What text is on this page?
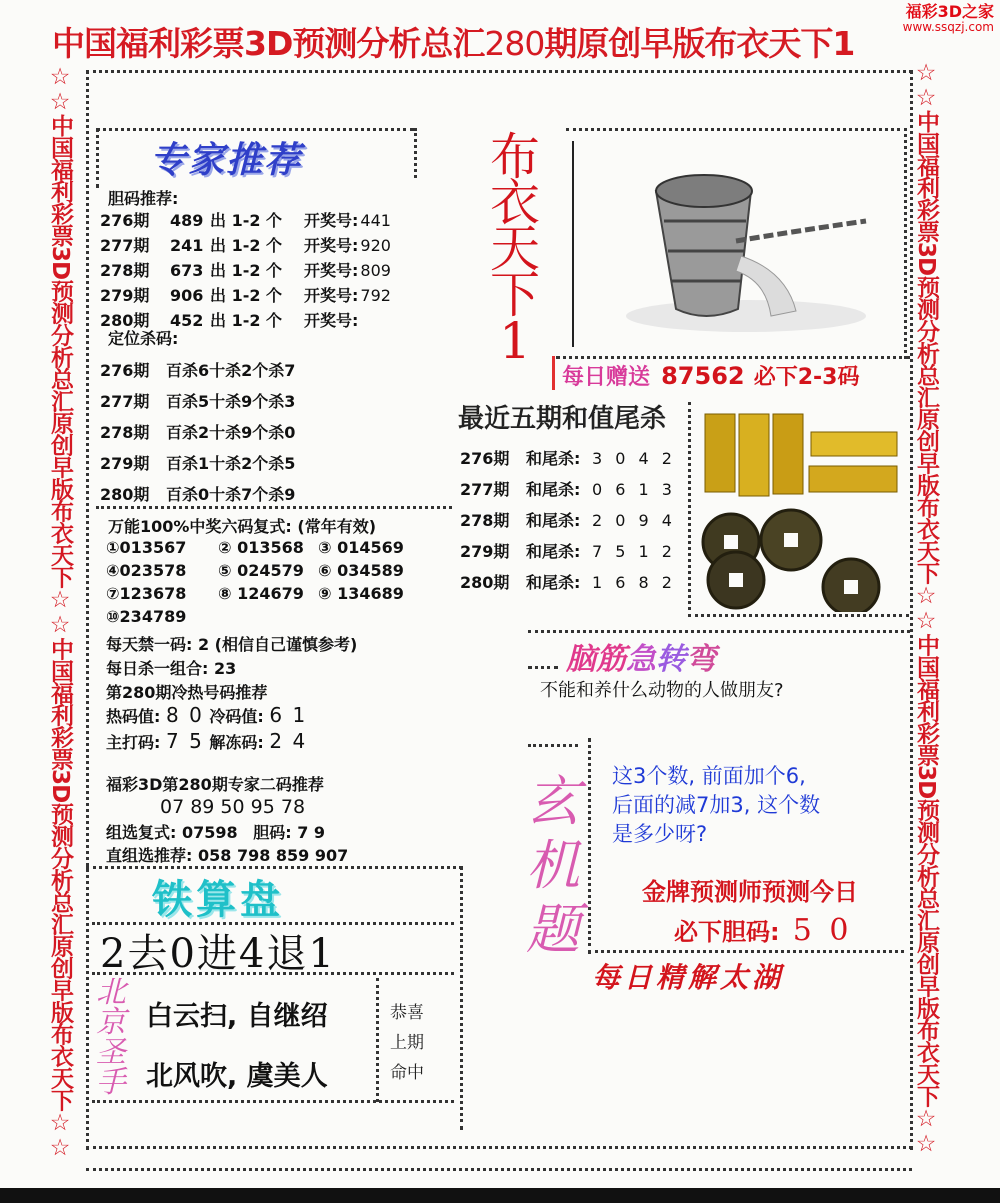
中国福利彩票3D预测分析总汇280期原创早版布衣天下1
福彩3D之家
www.ssqzj.com
☆☆中国福利彩票3D预测分析总汇原创早版布衣天下☆☆中国福利彩票3D预测分析总汇原创早版布衣天下☆☆	☆☆中国福利彩票3D预测分析总汇原创早版布衣天下☆☆中国福利彩票3D预测分析总汇原创早版布衣天下☆☆
专家推荐
胆码推荐:
定位杀码:
万能100%中奖六码复式: (常年有效)
每天禁一码: 2 (相信自己谨慎参考)
每日杀一组合: 23
第280期冷热号码推荐
热码值: 8 0 冷码值: 6 1
主打码: 7 5 解冻码: 2 4
福彩3D第280期专家二码推荐
07 89 50 95 78
组选复式: 07598 胆码: 7 9
直组选推荐: 058 798 859 907
布
衣
天
下
1
每日赠送 87562 必下2-3码
最近五期和值尾杀
脑筋急转弯
不能和养什么动物的人做朋友?
玄
机
题
这3个数, 前面加个6,
后面的减7加3, 这个数
是多少呀?
金牌预测师预测今日
必下胆码: 5 0
每日精解太湖
铁算盘
2去0进4退1
北
京
圣
手
白云扫, 自继绍
北风吹, 虞美人
恭喜
上期
命中
276期 489 出 1-2 个 开奖号: 441
277期 241 出 1-2 个 开奖号: 920
278期 673 出 1-2 个 开奖号: 809
279期 906 出 1-2 个 开奖号: 792
280期 452 出 1-2 个 开奖号:
276期 百杀6十杀2个杀7
277期 百杀5十杀9个杀3
278期 百杀2十杀9个杀0
279期 百杀1十杀2个杀5
280期 百杀0十杀7个杀9
①013567 ② 013568 ③ 014569
④023578 ⑤ 024579 ⑥ 034589
⑦123678 ⑧ 124679 ⑨ 134689
⑩234789
276期 和尾杀: 3 0 4 2
277期 和尾杀: 0 6 1 3
278期 和尾杀: 2 0 9 4
279期 和尾杀: 7 5 1 2
280期 和尾杀: 1 6 8 2
